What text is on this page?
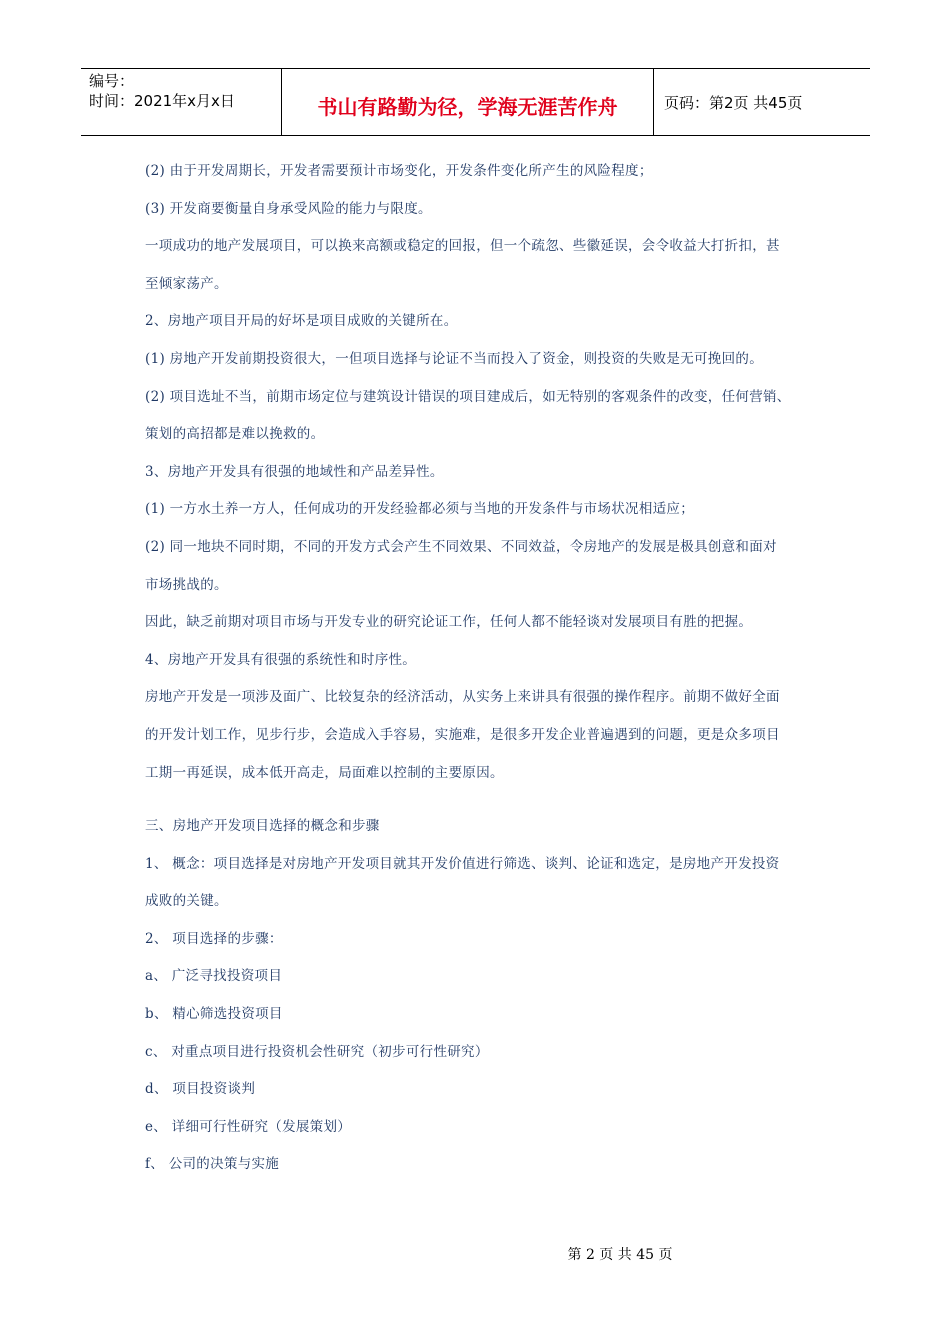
编号：
时间：2021年x月x日	书山有路勤为径，学海无涯苦作舟	页码：第2页 共45页
(2) 由于开发周期长，开发者需要预计市场变化，开发条件变化所产生的风险程度；
(3) 开发商要衡量自身承受风险的能力与限度。
一项成功的地产发展项目，可以换来高额或稳定的回报，但一个疏忽、些徽延误，会令收益大打折扣，甚
至倾家荡产。
2、房地产项目开局的好坏是项目成败的关键所在。
(1) 房地产开发前期投资很大，一但项目选择与论证不当而投入了资金，则投资的失败是无可挽回的。
(2) 项目选址不当，前期市场定位与建筑设计错误的项目建成后，如无特别的客观条件的改变，任何营销、
策划的高招都是难以挽救的。
3、房地产开发具有很强的地域性和产品差异性。
(1) 一方水土养一方人，任何成功的开发经验都必须与当地的开发条件与市场状况相适应；
(2) 同一地块不同时期，不同的开发方式会产生不同效果、不同效益，令房地产的发展是极具创意和面对
市场挑战的。
因此，缺乏前期对项目市场与开发专业的研究论证工作，任何人都不能轻谈对发展项目有胜的把握。
4、房地产开发具有很强的系统性和时序性。
房地产开发是一项涉及面广、比较复杂的经济活动，从实务上来讲具有很强的操作程序。前期不做好全面
的开发计划工作，见步行步，会造成入手容易，实施难，是很多开发企业普遍遇到的问题，更是众多项目
工期一再延误，成本低开高走，局面难以控制的主要原因。
三、房地产开发项目选择的概念和步骤
1、 概念：项目选择是对房地产开发项目就其开发价值进行筛选、谈判、论证和选定，是房地产开发投资
成败的关键。
2、 项目选择的步骤：
a、 广泛寻找投资项目
b、 精心筛选投资项目
c、 对重点项目进行投资机会性研究（初步可行性研究）
d、 项目投资谈判
e、 详细可行性研究（发展策划）
f、 公司的决策与实施
第 2 页 共 45 页
